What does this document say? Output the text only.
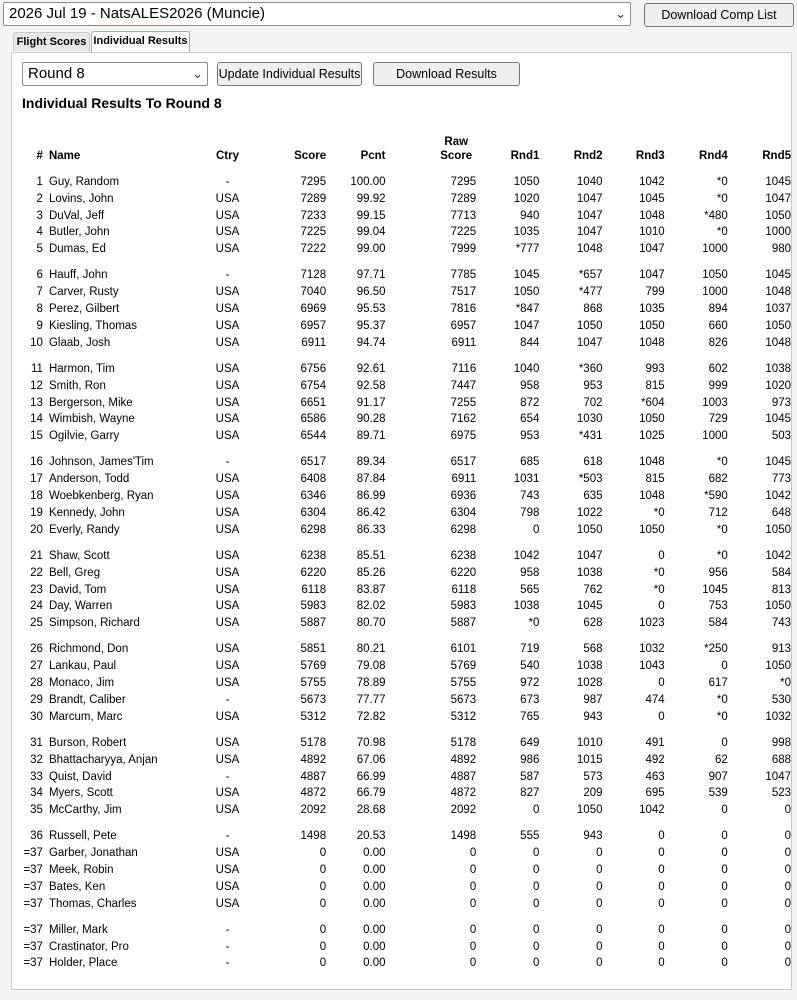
2026 Jul 19 - NatsALES2026 (Muncie)	⌄	Download Comp List
Flight Scores Individual Results
Round 8	⌄ Update Individual Results	Download Results
Individual Results To Round 8
#	Name	Ctry	Score	Pcnt	Raw Score	Rnd1	Rnd2	Rnd3	Rnd4	Rnd5

1	Guy, Random	-	7295	100.00	7295	1050	1040	1042	*0	1045
2	Lovins, John	USA	7289	99.92	7289	1020	1047	1045	*0	1047
3	DuVal, Jeff	USA	7233	99.15	7713	940	1047	1048	*480	1050
4	Butler, John	USA	7225	99.04	7225	1035	1047	1010	*0	1000
5	Dumas, Ed	USA	7222	99.00	7999	*777	1048	1047	1000	980

6	Hauff, John	-	7128	97.71	7785	1045	*657	1047	1050	1045
7	Carver, Rusty	USA	7040	96.50	7517	1050	*477	799	1000	1048
8	Perez, Gilbert	USA	6969	95.53	7816	*847	868	1035	894	1037
9	Kiesling, Thomas	USA	6957	95.37	6957	1047	1050	1050	660	1050
10	Glaab, Josh	USA	6911	94.74	6911	844	1047	1048	826	1048

11	Harmon, Tim	USA	6756	92.61	7116	1040	*360	993	602	1038
12	Smith, Ron	USA	6754	92.58	7447	958	953	815	999	1020
13	Bergerson, Mike	USA	6651	91.17	7255	872	702	*604	1003	973
14	Wimbish, Wayne	USA	6586	90.28	7162	654	1030	1050	729	1045
15	Ogilvie, Garry	USA	6544	89.71	6975	953	*431	1025	1000	503

16	Johnson, James'Tim	-	6517	89.34	6517	685	618	1048	*0	1045
17	Anderson, Todd	USA	6408	87.84	6911	1031	*503	815	682	773
18	Woebkenberg, Ryan	USA	6346	86.99	6936	743	635	1048	*590	1042
19	Kennedy, John	USA	6304	86.42	6304	798	1022	*0	712	648
20	Everly, Randy	USA	6298	86.33	6298	0	1050	1050	*0	1050

21	Shaw, Scott	USA	6238	85.51	6238	1042	1047	0	*0	1042
22	Bell, Greg	USA	6220	85.26	6220	958	1038	*0	956	584
23	David, Tom	USA	6118	83.87	6118	565	762	*0	1045	813
24	Day, Warren	USA	5983	82.02	5983	1038	1045	0	753	1050
25	Simpson, Richard	USA	5887	80.70	5887	*0	628	1023	584	743

26	Richmond, Don	USA	5851	80.21	6101	719	568	1032	*250	913
27	Lankau, Paul	USA	5769	79.08	5769	540	1038	1043	0	1050
28	Monaco, Jim	USA	5755	78.89	5755	972	1028	0	617	*0
29	Brandt, Caliber	-	5673	77.77	5673	673	987	474	*0	530
30	Marcum, Marc	USA	5312	72.82	5312	765	943	0	*0	1032

31	Burson, Robert	USA	5178	70.98	5178	649	1010	491	0	998
32	Bhattacharyya, Anjan	USA	4892	67.06	4892	986	1015	492	62	688
33	Quist, David	-	4887	66.99	4887	587	573	463	907	1047
34	Myers, Scott	USA	4872	66.79	4872	827	209	695	539	523
35	McCarthy, Jim	USA	2092	28.68	2092	0	1050	1042	0	0

36	Russell, Pete	-	1498	20.53	1498	555	943	0	0	0
=37	Garber, Jonathan	USA	0	0.00	0	0	0	0	0	0
=37	Meek, Robin	USA	0	0.00	0	0	0	0	0	0
=37	Bates, Ken	USA	0	0.00	0	0	0	0	0	0
=37	Thomas, Charles	USA	0	0.00	0	0	0	0	0	0

=37	Miller, Mark	-	0	0.00	0	0	0	0	0	0
=37	Crastinator, Pro	-	0	0.00	0	0	0	0	0	0
=37	Holder, Place	-	0	0.00	0	0	0	0	0	0
